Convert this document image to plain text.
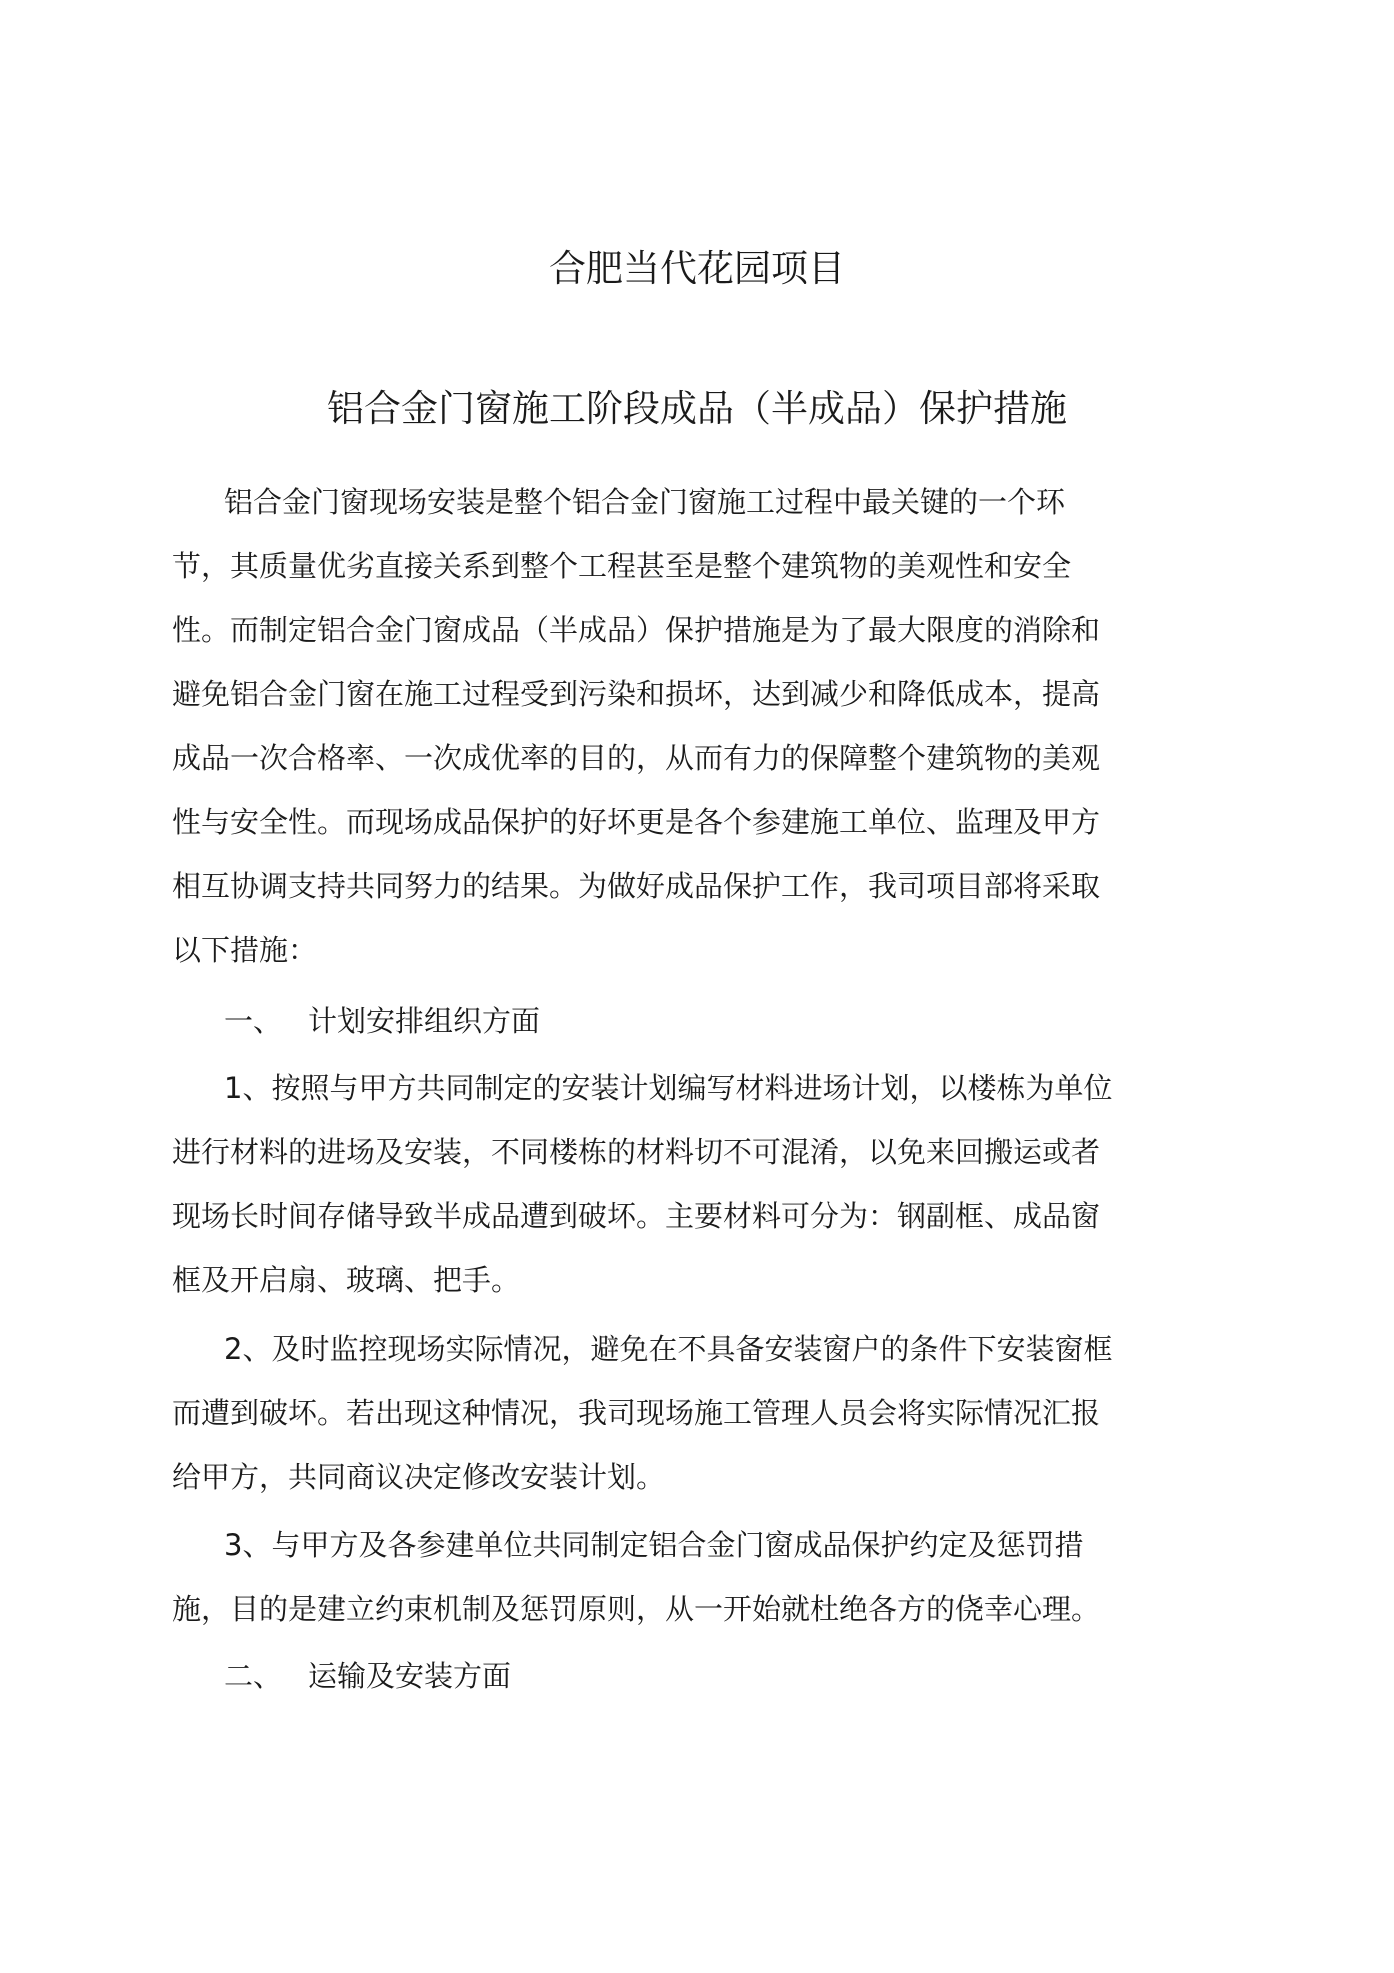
合肥当代花园项目
铝合金门窗施工阶段成品（半成品）保护措施
铝合金门窗现场安装是整个铝合金门窗施工过程中最关键的一个环
节，其质量优劣直接关系到整个工程甚至是整个建筑物的美观性和安全
性。而制定铝合金门窗成品（半成品）保护措施是为了最大限度的消除和
避免铝合金门窗在施工过程受到污染和损坏，达到减少和降低成本，提高
成品一次合格率、一次成优率的目的，从而有力的保障整个建筑物的美观
性与安全性。而现场成品保护的好坏更是各个参建施工单位、监理及甲方
相互协调支持共同努力的结果。为做好成品保护工作，我司项目部将采取
以下措施：
一、 计划安排组织方面
1、按照与甲方共同制定的安装计划编写材料进场计划，以楼栋为单位
进行材料的进场及安装，不同楼栋的材料切不可混淆，以免来回搬运或者
现场长时间存储导致半成品遭到破坏。主要材料可分为：钢副框、成品窗
框及开启扇、玻璃、把手。
2、及时监控现场实际情况，避免在不具备安装窗户的条件下安装窗框
而遭到破坏。若出现这种情况，我司现场施工管理人员会将实际情况汇报
给甲方，共同商议决定修改安装计划。
3、与甲方及各参建单位共同制定铝合金门窗成品保护约定及惩罚措
施，目的是建立约束机制及惩罚原则，从一开始就杜绝各方的侥幸心理。
二、 运输及安装方面
